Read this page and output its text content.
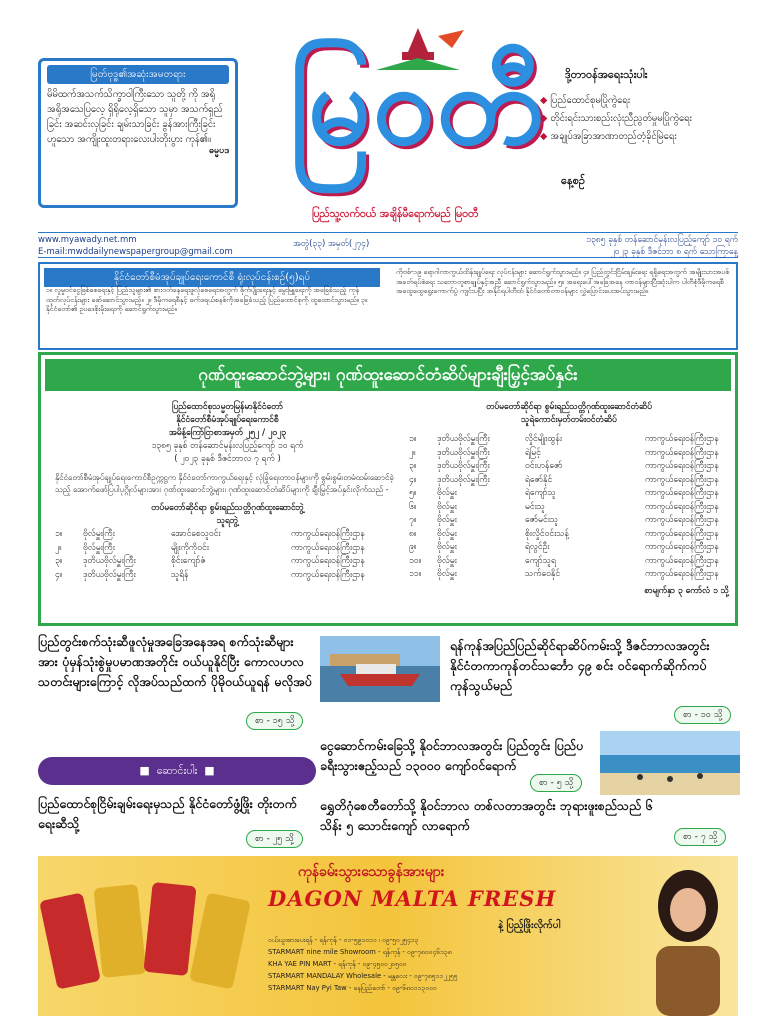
မြတ်ဗုဒ္ဓ၏အဆုံးအမတရား
မိမိထက်အသက်သိက္ခာဝါကြီးသော သူတို့ ကို အရိုအရိုအသေပြလေ့ ရှိရိုလေ့ရှိသော သူမှာ အသက်ရှည်ခြင်း အဆင်းလှခြင်း ချမ်းသာခြင်း ခွန်အားကြီးခြင်းဟူသော အကျိုးထူးတရားလေးပါးတိုးပွား ကုန်၏။
ဓမ္မပဒ မြဝတီ
နေ့စဉ်
ပြည်သူ့လက်ဝယ် အချိန်မီရောက်မည် မြဝတီ
ဒို့တာဝန်အရေးသုံးပါး
◆ ပြည်ထောင်စုမပြိုကွဲရေး
◆ တိုင်းရင်းသားစည်းလုံးညီညွတ်မှုမပြိုကွဲရေး
◆ အချုပ်အခြာအာဏာတည်တံ့ခိုင်မြဲရေး
www.myawady.net.mm
E-mail:mwddailynewspapergroup@gmail.com
အတွဲ(၃၃) အမှတ်(၂၇၄)	၁၃၈၅ ခုနှစ် တန်ဆောင်မုန်းလပြည့်ကျော် ၁၀ ရက်
၂၀၂၃ ခုနှစ် ဒီဇင်ဘာ ၈ ရက် သောကြာနေ့
နိုင်ငံတော်စီမံအုပ်ချုပ်ရေးကောင်စီ ရုံးလုပ်ငန်းစဉ်(၅)ရပ်
၁။ လူမှုဝင်ငွေဖြစ်စေရေးနှင့် ပြည်သူများ၏ စားဝတ်နေရေးဖူလုံစေရေးအတွက် စိုက်ပျိုးရေးနှင့် မွေးမြူရေးကို အခြေခံသည့် ကုန်ထုတ်လုပ်ငန်းများ ဖော်ဆောင်သွားမည်။ ၂။ ဒီမိုကရေစီနှင့် ဖက်ဒရယ်စနစ်ကိုအခြေခံသည့် ပြည်ထောင်စုကို ထူထောင်သွားမည်။ ၃။ နိုင်ငံတော်၏ ဥပဒေစိုးမိုးရေးကို ဆောင်ရွက်သွားမည်။
ကိုဗစ်-၁၉ ရောဂါကာကွယ်ထိန်းချုပ်ရေး လုပ်ငန်းများ ဆောင်ရွက်သွားမည်။ ၄။ ပြည်တွင်းငြိမ်းချမ်းရေး ရရှိရေးအတွက် အမျိုးသားအပစ်အခတ်ရပ်စဲရေး သဘောတူစာချုပ်နှင့်အညီ ဆောင်ရွက်သွားမည်။ ၅။ အရေးပေါ်အခြေအနေ တာဝန်များပြီးဆုံးပါက ပါတီစုံဒီမိုကရေစီ အထွေထွေရွေးကောက်ပွဲ ကျင်းပပြီး အနိုင်ရပါတီထံ နိုင်ငံတော်တာဝန်များ လွှဲပြောင်းပေးအပ်သွားမည်။
ဂုဏ်ထူးဆောင်ဘွဲ့များ၊ ဂုဏ်ထူးဆောင်တံဆိပ်များချီးမြှင့်အပ်နှင်း
ပြည်ထောင်စုသမ္မတမြန်မာနိုင်ငံတော်
နိုင်ငံတော်စီမံအုပ်ချုပ်ရေးကောင်စီ
အမိန့်ကြော်ငြာစာအမှတ် ၂၅၂ / ၂၀၂၃
၁၃၈၅ ခုနှစ် တန်ဆောင်မုန်းလပြည့်ကျော် ၁၀ ရက်
( ၂၀၂၃ ခုနှစ် ဒီဇင်ဘာလ ၇ ရက် )
နိုင်ငံတော်စီမံအုပ်ချုပ်ရေးကောင်စီဥက္ကဋ္ဌက နိုင်ငံတော်ကာကွယ်ရေးနှင့် လုံခြုံရေးတာဝန်များကို စွမ်းစွမ်းတမံထမ်းဆောင်ခဲ့သည့် အောက်ဖော်ပြပါပုဂ္ဂိုလ်များအား ဂုဏ်ထူးဆောင်ဘွဲ့များ၊ ဂုဏ်ထူးဆောင်တံဆိပ်များကို ချီးမြှင့်အပ်နှင်းလိုက်သည် -
တပ်မတော်ဆိုင်ရာ စွမ်းရည်သတ္တိဂုဏ်ထူးဆောင်ဘွဲ့
သူရဘွဲ့
၁။	ဗိုလ်မှူးကြီး	အောင်စေသူဝင်း	ကာကွယ်ရေးဝန်ကြီးဌာန
၂။	ဗိုလ်မှူးကြီး	မျိုးကိုကိုဝင်း	ကာကွယ်ရေးဝန်ကြီးဌာန
၃။	ဒုတိယဗိုလ်မှူးကြီး	စိုင်းကျော်ဇံ	ကာကွယ်ရေးဝန်ကြီးဌာန
၄။	ဒုတိယဗိုလ်မှူးကြီး	သူရိန်	ကာကွယ်ရေးဝန်ကြီးဌာန
တပ်မတော်ဆိုင်ရာ စွမ်းရည်သတ္တိဂုဏ်ထူးဆောင်တံဆိပ်
သူရဲကောင်းမှတ်တမ်းဝင်တံဆိပ်
၁။	ဒုတိယဗိုလ်မှူးကြီး	လှိုင်မျိုးထွန်း	ကာကွယ်ရေးဝန်ကြီးဌာန
၂။	ဒုတိယဗိုလ်မှူးကြီး	ရဲမြင့်	ကာကွယ်ရေးဝန်ကြီးဌာန
၃။	ဒုတိယဗိုလ်မှူးကြီး	ဝင်းဟန်ဇော်	ကာကွယ်ရေးဝန်ကြီးဌာန
၄။	ဒုတိယဗိုလ်မှူးကြီး	ရဲဇော်နိုင်	ကာကွယ်ရေးဝန်ကြီးဌာန
၅။	ဗိုလ်မှူး	ရဲကျော်သူ	ကာကွယ်ရေးဝန်ကြီးဌာန
၆။	ဗိုလ်မှူး	မင်းသူ	ကာကွယ်ရေးဝန်ကြီးဌာန
၇။	ဗိုလ်မှူး	ဇော်မင်းသူ	ကာကွယ်ရေးဝန်ကြီးဌာန
၈။	ဗိုလ်မှူး	စိုးလှိုင်ဝင်းသန့်	ကာကွယ်ရေးဝန်ကြီးဌာန
၉။	ဗိုလ်မှူး	ရဲလွင်ဦး	ကာကွယ်ရေးဝန်ကြီးဌာန
၁၀။	ဗိုလ်မှူး	ကျော်သူရ	ကာကွယ်ရေးဝန်ကြီးဌာန
၁၁။	ဗိုလ်မှူး	သက်ဝေနိုင်	ကာကွယ်ရေးဝန်ကြီးဌာန
စာမျက်နှာ ၃ ကော်လံ ၁ သို့
ပြည်တွင်းစက်သုံးဆီဖူလုံမှုအခြေအနေအရ စက်သုံးဆီများအား ပုံမှန်သုံးစွဲမှုပမာဏအတိုင်း ဝယ်ယူနိုင်ပြီး ကောလဟလသတင်းများကြောင့် လိုအပ်သည်ထက် ပိုမိုဝယ်ယူရန် မလိုအပ်
စာ - ၁၅ သို့
■ ဆောင်းပါး ■
ပြည်ထောင်စုငြိမ်းချမ်းရေးမှသည် နိုင်ငံတော်ဖွံ့ဖြိုး တိုးတက်ရေးဆီသို့
စာ - ၂၅ သို့
ရန်ကုန်အပြည်ပြည်ဆိုင်ရာဆိပ်ကမ်းသို့ ဒီဇင်ဘာလအတွင်း နိုင်ငံတကာကုန်တင်သင်္ဘော ၄၉ စင်း ဝင်ရောက်ဆိုက်ကပ်ကုန်သွယ်မည်
စာ - ၁၀ သို့
ငွေဆောင်ကမ်းခြေသို့ နိုဝင်ဘာလအတွင်း ပြည်တွင်း ပြည်ပခရီးသွားဧည့်သည် ၁၃၀၀၀ ကျော်ဝင်ရောက်
စာ - ၅ သို့
ရွှေတိဂုံစေတီတော်သို့ နိုဝင်ဘာလ တစ်လတာအတွင်း ဘုရားဖူးစည်သည် ၆ သိန်း ၅ သောင်းကျော် လာရောက်
စာ - ၇ သို့
ကုန်ခမ်းသွားသောခွန်အားများ
DAGON MALTA FRESH
နဲ့ ပြည့်ဖြိုးလိုက်ပါ
ဝယ်ယူအားပေးရန် - ရန်ကုန် - ၀၁-၅၉၁၀၁၁ ၊ ၀၉-၅၀၂၅၄၁၃
STARMART nine mile Showroom - ရန်ကုန် - ၀၉-၇၈၀၀၄၆၁၃၈
KHA YAE PIN MART - ရန်ကုန် - ၀၉-၄၅၀၀၂၀၅၀၀
STARMART MANDALAY Wholesale - မန္တလေး - ၀၉-၇၈၅၁၁၂၂၅၅
STARMART Nay Pyi Taw - နေပြည်တော် - ၀၉-၆၈၀၁၁၃၀၀၀
